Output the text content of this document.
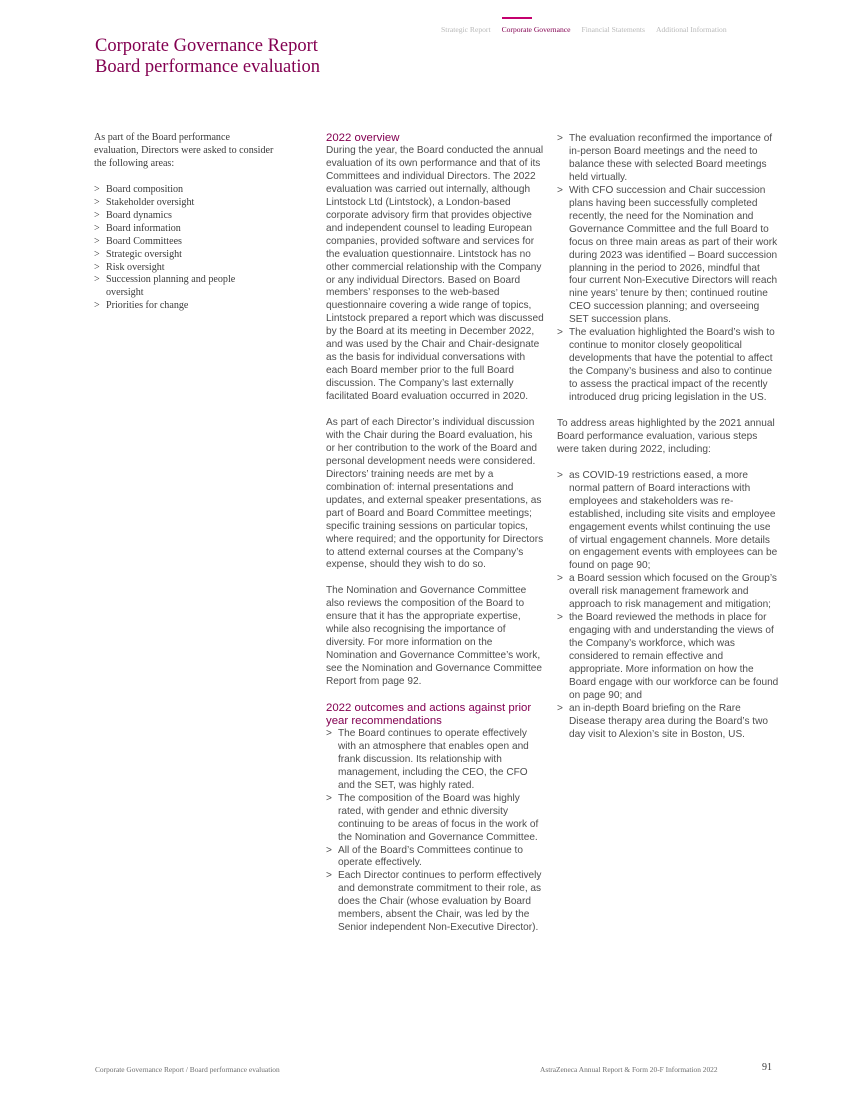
Strategic Report Corporate Governance Financial Statements Additional Information
Corporate Governance Report
Board performance evaluation

As part of the Board performance evaluation, Directors were asked to consider the following areas:

> Board composition
> Stakeholder oversight
> Board dynamics
> Board information
> Board Committees
> Strategic oversight
> Risk oversight
> Succession planning and people oversight
> Priorities for change
2022 overview

During the year, the Board conducted the annual evaluation of its own performance and that of its Committees and individual Directors. The 2022 evaluation was carried out internally, although Lintstock Ltd (Lintstock), a London-based corporate advisory firm that provides objective and independent counsel to leading European companies, provided software and services for the evaluation questionnaire. Lintstock has no other commercial relationship with the Company or any individual Directors. Based on Board members’ responses to the web-based questionnaire covering a wide range of topics, Lintstock prepared a report which was discussed by the Board at its meeting in December 2022, and was used by the Chair and Chair-designate as the basis for individual conversations with each Board member prior to the full Board discussion. The Company’s last externally facilitated Board evaluation occurred in 2020.

As part of each Director’s individual discussion with the Chair during the Board evaluation, his or her contribution to the work of the Board and personal development needs were considered. Directors’ training needs are met by a combination of: internal presentations and updates, and external speaker presentations, as part of Board and Board Committee meetings; specific training sessions on particular topics, where required; and the opportunity for Directors to attend external courses at the Company’s expense, should they wish to do so.

The Nomination and Governance Committee also reviews the composition of the Board to ensure that it has the appropriate expertise, while also recognising the importance of diversity. For more information on the Nomination and Governance Committee’s work, see the Nomination and Governance Committee Report from page 92.

2022 outcomes and actions against prior year recommendations
> The Board continues to operate effectively with an atmosphere that enables open and frank discussion. Its relationship with management, including the CEO, the CFO and the SET, was highly rated.
> The composition of the Board was highly rated, with gender and ethnic diversity continuing to be areas of focus in the work of the Nomination and Governance Committee.
> All of the Board’s Committees continue to operate effectively.
> Each Director continues to perform effectively and demonstrate commitment to their role, as does the Chair (whose evaluation by Board members, absent the Chair, was led by the Senior independent Non-Executive Director).
> The evaluation reconfirmed the importance of in-person Board meetings and the need to balance these with selected Board meetings held virtually.
> With CFO succession and Chair succession plans having been successfully completed recently, the need for the Nomination and Governance Committee and the full Board to focus on three main areas as part of their work during 2023 was identified – Board succession planning in the period to 2026, mindful that four current Non-Executive Directors will reach nine years’ tenure by then; continued routine CEO succession planning; and overseeing SET succession plans.
> The evaluation highlighted the Board’s wish to continue to monitor closely geopolitical developments that have the potential to affect the Company’s business and also to continue to assess the practical impact of the recently introduced drug pricing legislation in the US.

To address areas highlighted by the 2021 annual Board performance evaluation, various steps were taken during 2022, including:

> as COVID-19 restrictions eased, a more normal pattern of Board interactions with employees and stakeholders was re-established, including site visits and employee engagement events whilst continuing the use of virtual engagement channels. More details on engagement events with employees can be found on page 90;
> a Board session which focused on the Group’s overall risk management framework and approach to risk management and mitigation;
> the Board reviewed the methods in place for engaging with and understanding the views of the Company’s workforce, which was considered to remain effective and appropriate. More information on how the Board engage with our workforce can be found on page 90; and
> an in-depth Board briefing on the Rare Disease therapy area during the Board’s two day visit to Alexion’s site in Boston, US.
Corporate Governance Report / Board performance evaluation	AstraZeneca Annual Report & Form 20-F Information 2022	91
